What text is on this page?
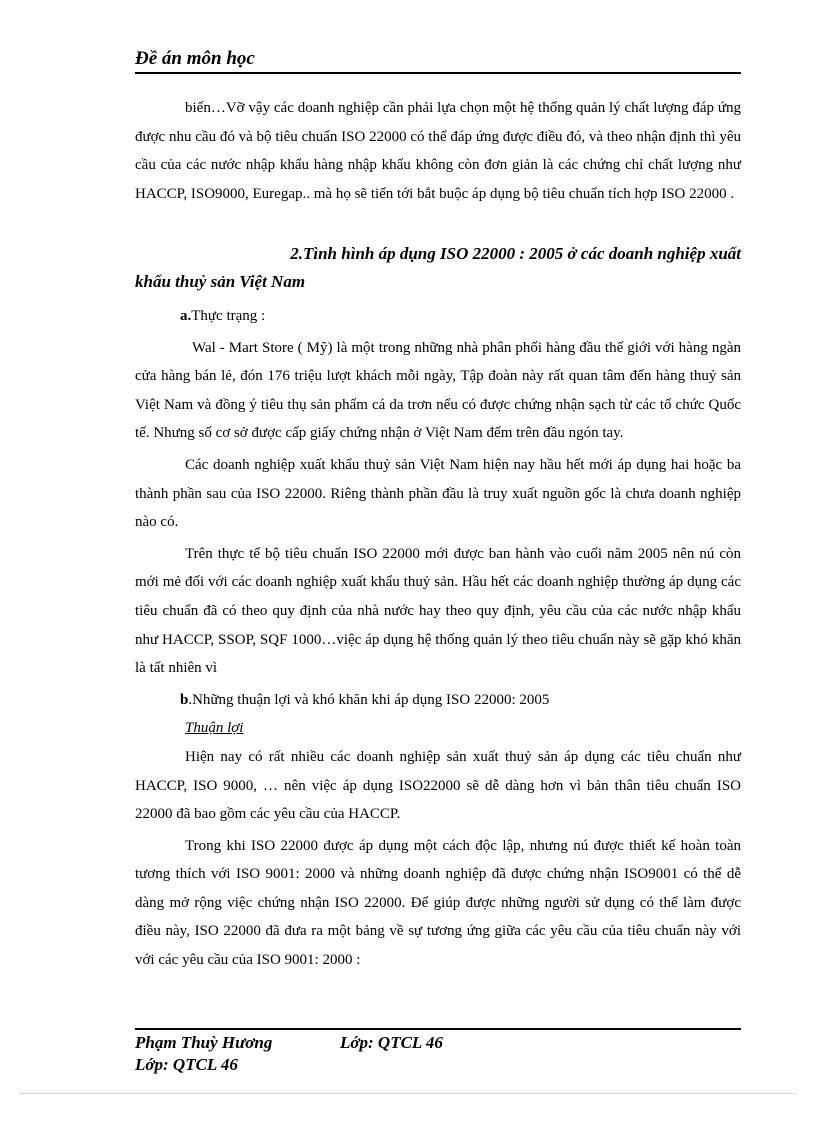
Đề án môn học

biến…Vỡ vậy các doanh nghiệp cần phải lựa chọn một hệ thống quản lý chất lượng đáp ứng được nhu cầu đó và bộ tiêu chuẩn ISO 22000 có thể đáp ứng được điều đó, và theo nhận định thì yêu cầu của các nước nhập khẩu hàng nhập khẩu không còn đơn giản là các chứng chỉ chất lượng như HACCP, ISO9000, Euregap.. mà họ sẽ tiến tới bắt buộc áp dụng bộ tiêu chuẩn tích hợp ISO 22000 .

2.Tình hình áp dụng ISO 22000 : 2005 ở các doanh nghiệp xuất
khẩu thuỷ sản Việt Nam

a.Thực trạng :

Wal - Mart Store ( Mỹ) là một trong những nhà phân phối hàng đầu thế giới với hàng ngàn cửa hàng bán lẻ, đón 176 triệu lượt khách mỗi ngày, Tập đoàn này rất quan tâm đến hàng thuỷ sản Việt Nam và đồng ý tiêu thụ sản phẩm cá da trơn nếu có được chứng nhận sạch từ các tổ chức Quốc tế. Nhưng số cơ sở được cấp giấy chứng nhận ở Việt Nam đếm trên đầu ngón tay.

Các doanh nghiệp xuất khẩu thuỷ sản Việt Nam hiện nay hầu hết mới áp dụng hai hoặc ba thành phần sau của ISO 22000. Riêng thành phần đầu là truy xuất nguồn gốc là chưa doanh nghiệp nào có.

Trên thực tế bộ tiêu chuẩn ISO 22000 mới được ban hành vào cuối năm 2005 nên nú còn mới mẻ đối với các doanh nghiệp xuất khẩu thuỷ sản. Hầu hết các doanh nghiệp thường áp dụng các tiêu chuẩn đã có theo quy định của nhà nước hay theo quy định, yêu cầu của các nước nhập khẩu như HACCP, SSOP, SQF 1000…việc áp dụng hệ thống quản lý theo tiêu chuẩn này sẽ gặp khó khăn là tất nhiên vì

b.Những thuận lợi và khó khăn khi áp dụng ISO 22000: 2005

Thuận lợi

Hiện nay có rất nhiều các doanh nghiệp sản xuất thuỷ sản áp dụng các tiêu chuẩn như HACCP, ISO 9000, … nên việc áp dụng ISO22000 sẽ dễ dàng hơn vì bản thân tiêu chuẩn ISO 22000 đã bao gồm các yêu cầu của HACCP.

Trong khi ISO 22000 được áp dụng một cách độc lập, nhưng nú được thiết kế hoàn toàn tương thích với ISO 9001: 2000 và những doanh nghiệp đã được chứng nhận ISO9001 có thể dễ dàng mở rộng việc chứng nhận ISO 22000. Để giúp được những người sử dụng có thể làm được điều này, ISO 22000 đã đưa ra một bảng về sự tương ứng giữa các yêu cầu của tiêu chuẩn này với với các yêu cầu của ISO 9001: 2000 :

Phạm Thuỳ Hương	Lớp: QTCL 46
Lớp: QTCL 46
